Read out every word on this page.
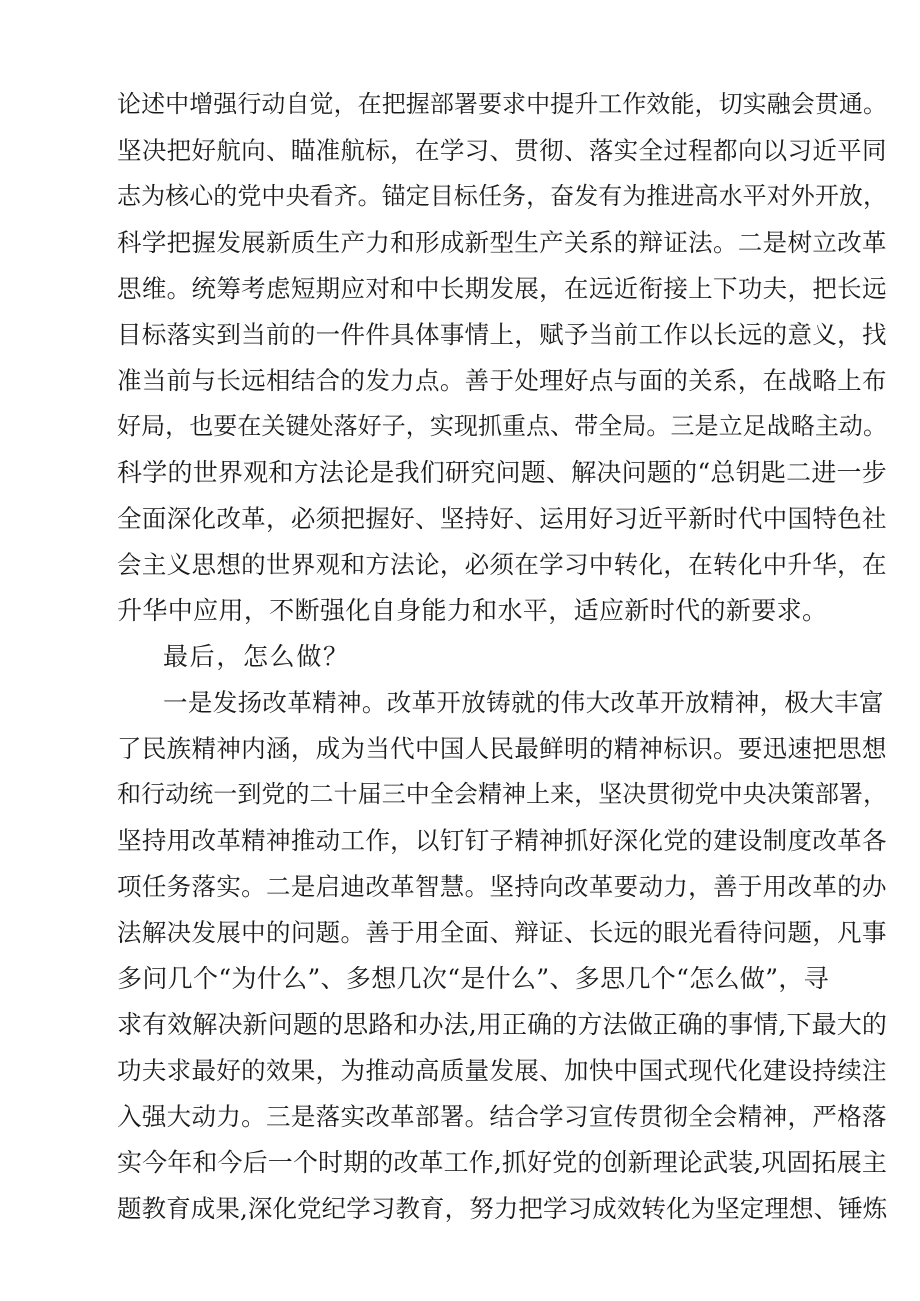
论述中增强行动自觉，在把握部署要求中提升工作效能，切实融会贯通。

坚决把好航向、瞄准航标，在学习、贯彻、落实全过程都向以习近平同

志为核心的党中央看齐。锚定目标任务，奋发有为推进高水平对外开放，

科学把握发展新质生产力和形成新型生产关系的辩证法。二是树立改革

思维。统筹考虑短期应对和中长期发展，在远近衔接上下功夫，把长远

目标落实到当前的一件件具体事情上，赋予当前工作以长远的意义，找

准当前与长远相结合的发力点。善于处理好点与面的关系，在战略上布

好局，也要在关键处落好子，实现抓重点、带全局。三是立足战略主动。

科学的世界观和方法论是我们研究问题、解决问题的“总钥匙二进一步

全面深化改革，必须把握好、坚持好、运用好习近平新时代中国特色社

会主义思想的世界观和方法论，必须在学习中转化，在转化中升华，在

升华中应用，不断强化自身能力和水平，适应新时代的新要求。

最后，怎么做？

一是发扬改革精神。改革开放铸就的伟大改革开放精神，极大丰富

了民族精神内涵，成为当代中国人民最鲜明的精神标识。要迅速把思想

和行动统一到党的二十届三中全会精神上来，坚决贯彻党中央决策部署，

坚持用改革精神推动工作，以钉钉子精神抓好深化党的建设制度改革各

项任务落实。二是启迪改革智慧。坚持向改革要动力，善于用改革的办

法解决发展中的问题。善于用全面、辩证、长远的眼光看待问题，凡事

多问几个“为什么”、多想几次“是什么”、多思几个“怎么做”，寻

求有效解决新问题的思路和办法,用正确的方法做正确的事情,下最大的

功夫求最好的效果，为推动高质量发展、加快中国式现代化建设持续注

入强大动力。三是落实改革部署。结合学习宣传贯彻全会精神，严格落

实今年和今后一个时期的改革工作,抓好党的创新理论武装,巩固拓展主

题教育成果,深化党纪学习教育，努力把学习成效转化为坚定理想、锤炼
